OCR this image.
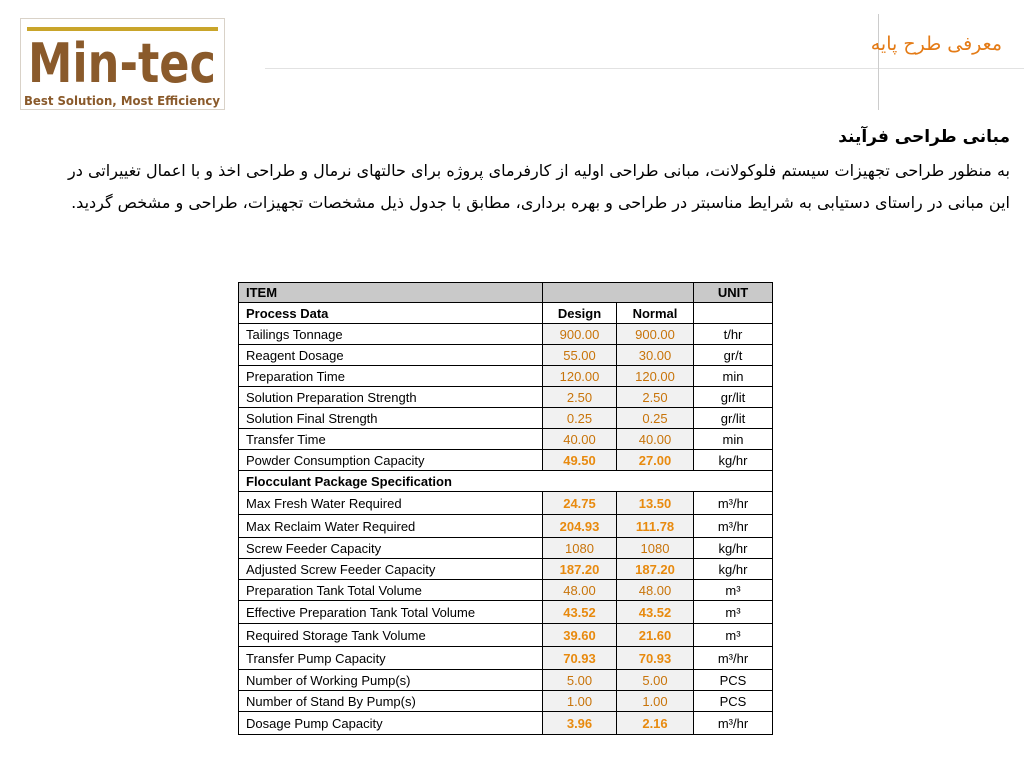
Min-tec
Best Solution, Most Efficiency
معرفی طرح پایه

مبانی طراحی فرآیند

به منظور طراحی تجهیزات سیستم فلوکولانت، مبانی طراحی اولیه از کارفرمای پروژه برای حالتهای نرمال و طراحی اخذ و با اعمال تغییراتی در این مبانی در راستای دستیابی به شرایط مناسبتر در طراحی و بهره برداری، مطابق با جدول ذیل مشخصات تجهیزات، طراحی و مشخص گردید.

ITEM			UNIT
Process Data	Design	Normal	
Tailings Tonnage	900.00	900.00	t/hr
Reagent Dosage	55.00	30.00	gr/t
Preparation Time	120.00	120.00	min
Solution Preparation Strength	2.50	2.50	gr/lit
Solution Final Strength	0.25	0.25	gr/lit
Transfer Time	40.00	40.00	min
Powder Consumption Capacity	49.50	27.00	kg/hr
Flocculant Package Specification			
Max Fresh Water Required	24.75	13.50	m³/hr
Max Reclaim Water Required	204.93	111.78	m³/hr
Screw Feeder Capacity	1080	1080	kg/hr
Adjusted Screw Feeder Capacity	187.20	187.20	kg/hr
Preparation Tank Total Volume	48.00	48.00	m³
Effective Preparation Tank Total Volume	43.52	43.52	m³
Required Storage Tank Volume	39.60	21.60	m³
Transfer Pump Capacity	70.93	70.93	m³/hr
Number of Working Pump(s)	5.00	5.00	PCS
Number of Stand By Pump(s)	1.00	1.00	PCS
Dosage Pump Capacity	3.96	2.16	m³/hr
